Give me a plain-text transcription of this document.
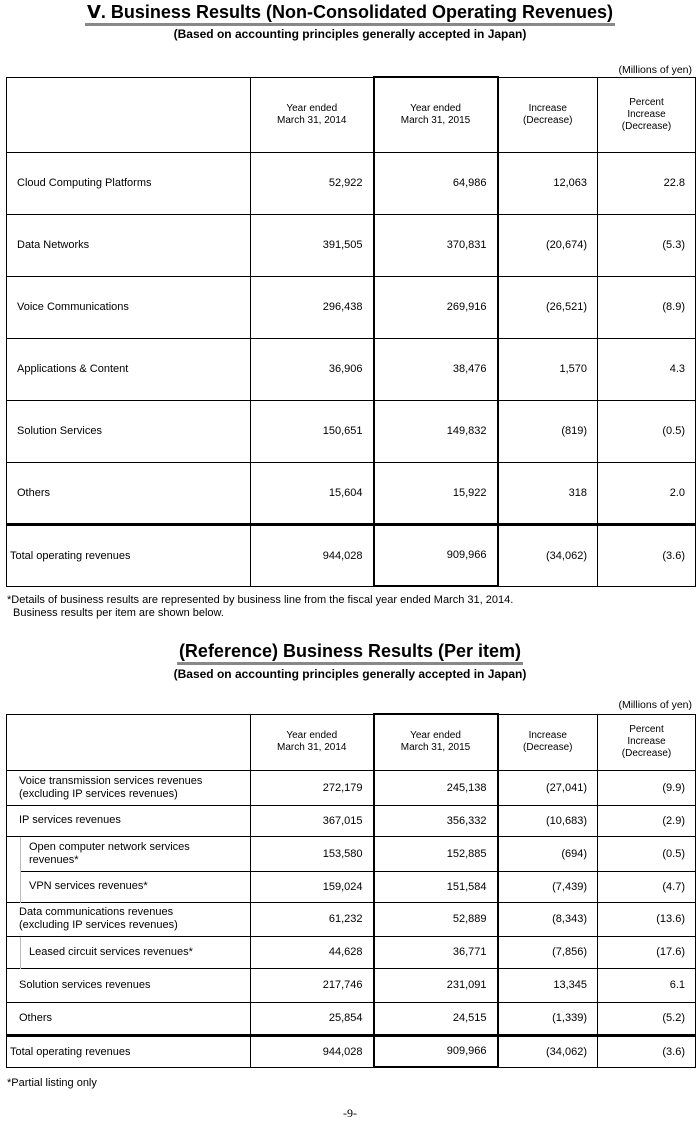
Ⅴ. Business Results (Non-Consolidated Operating Revenues)
(Based on accounting principles generally accepted in Japan)
(Millions of yen)
	Year ended
March 31, 2014	Year ended
March 31, 2015	Increase
(Decrease)	Percent
Increase
(Decrease)
Cloud Computing Platforms	52,922	64,986	12,063	22.8
Data Networks	391,505	370,831	(20,674)	(5.3)
Voice Communications	296,438	269,916	(26,521)	(8.9)
Applications & Content	36,906	38,476	1,570	4.3
Solution Services	150,651	149,832	(819)	(0.5)
Others	15,604	15,922	318	2.0
Total operating revenues	944,028	909,966	(34,062)	(3.6)
*Details of business results are represented by business line from the fiscal year ended March 31, 2014.
Business results per item are shown below.
(Reference) Business Results (Per item)
(Based on accounting principles generally accepted in Japan)
(Millions of yen)
		Year ended
March 31, 2014	Year ended
March 31, 2015	Increase
(Decrease)	Percent
Increase
(Decrease)
Voice transmission services revenues
(excluding IP services revenues)		272,179	245,138	(27,041)	(9.9)
IP services revenues		367,015	356,332	(10,683)	(2.9)
	Open computer network services
revenues*	153,580	152,885	(694)	(0.5)
	VPN services revenues*	159,024	151,584	(7,439)	(4.7)
Data communications revenues
(excluding IP services revenues)		61,232	52,889	(8,343)	(13.6)
	Leased circuit services revenues*	44,628	36,771	(7,856)	(17.6)
Solution services revenues		217,746	231,091	13,345	6.1
Others		25,854	24,515	(1,339)	(5.2)
Total operating revenues		944,028	909,966	(34,062)	(3.6)
*Partial listing only
-9-
